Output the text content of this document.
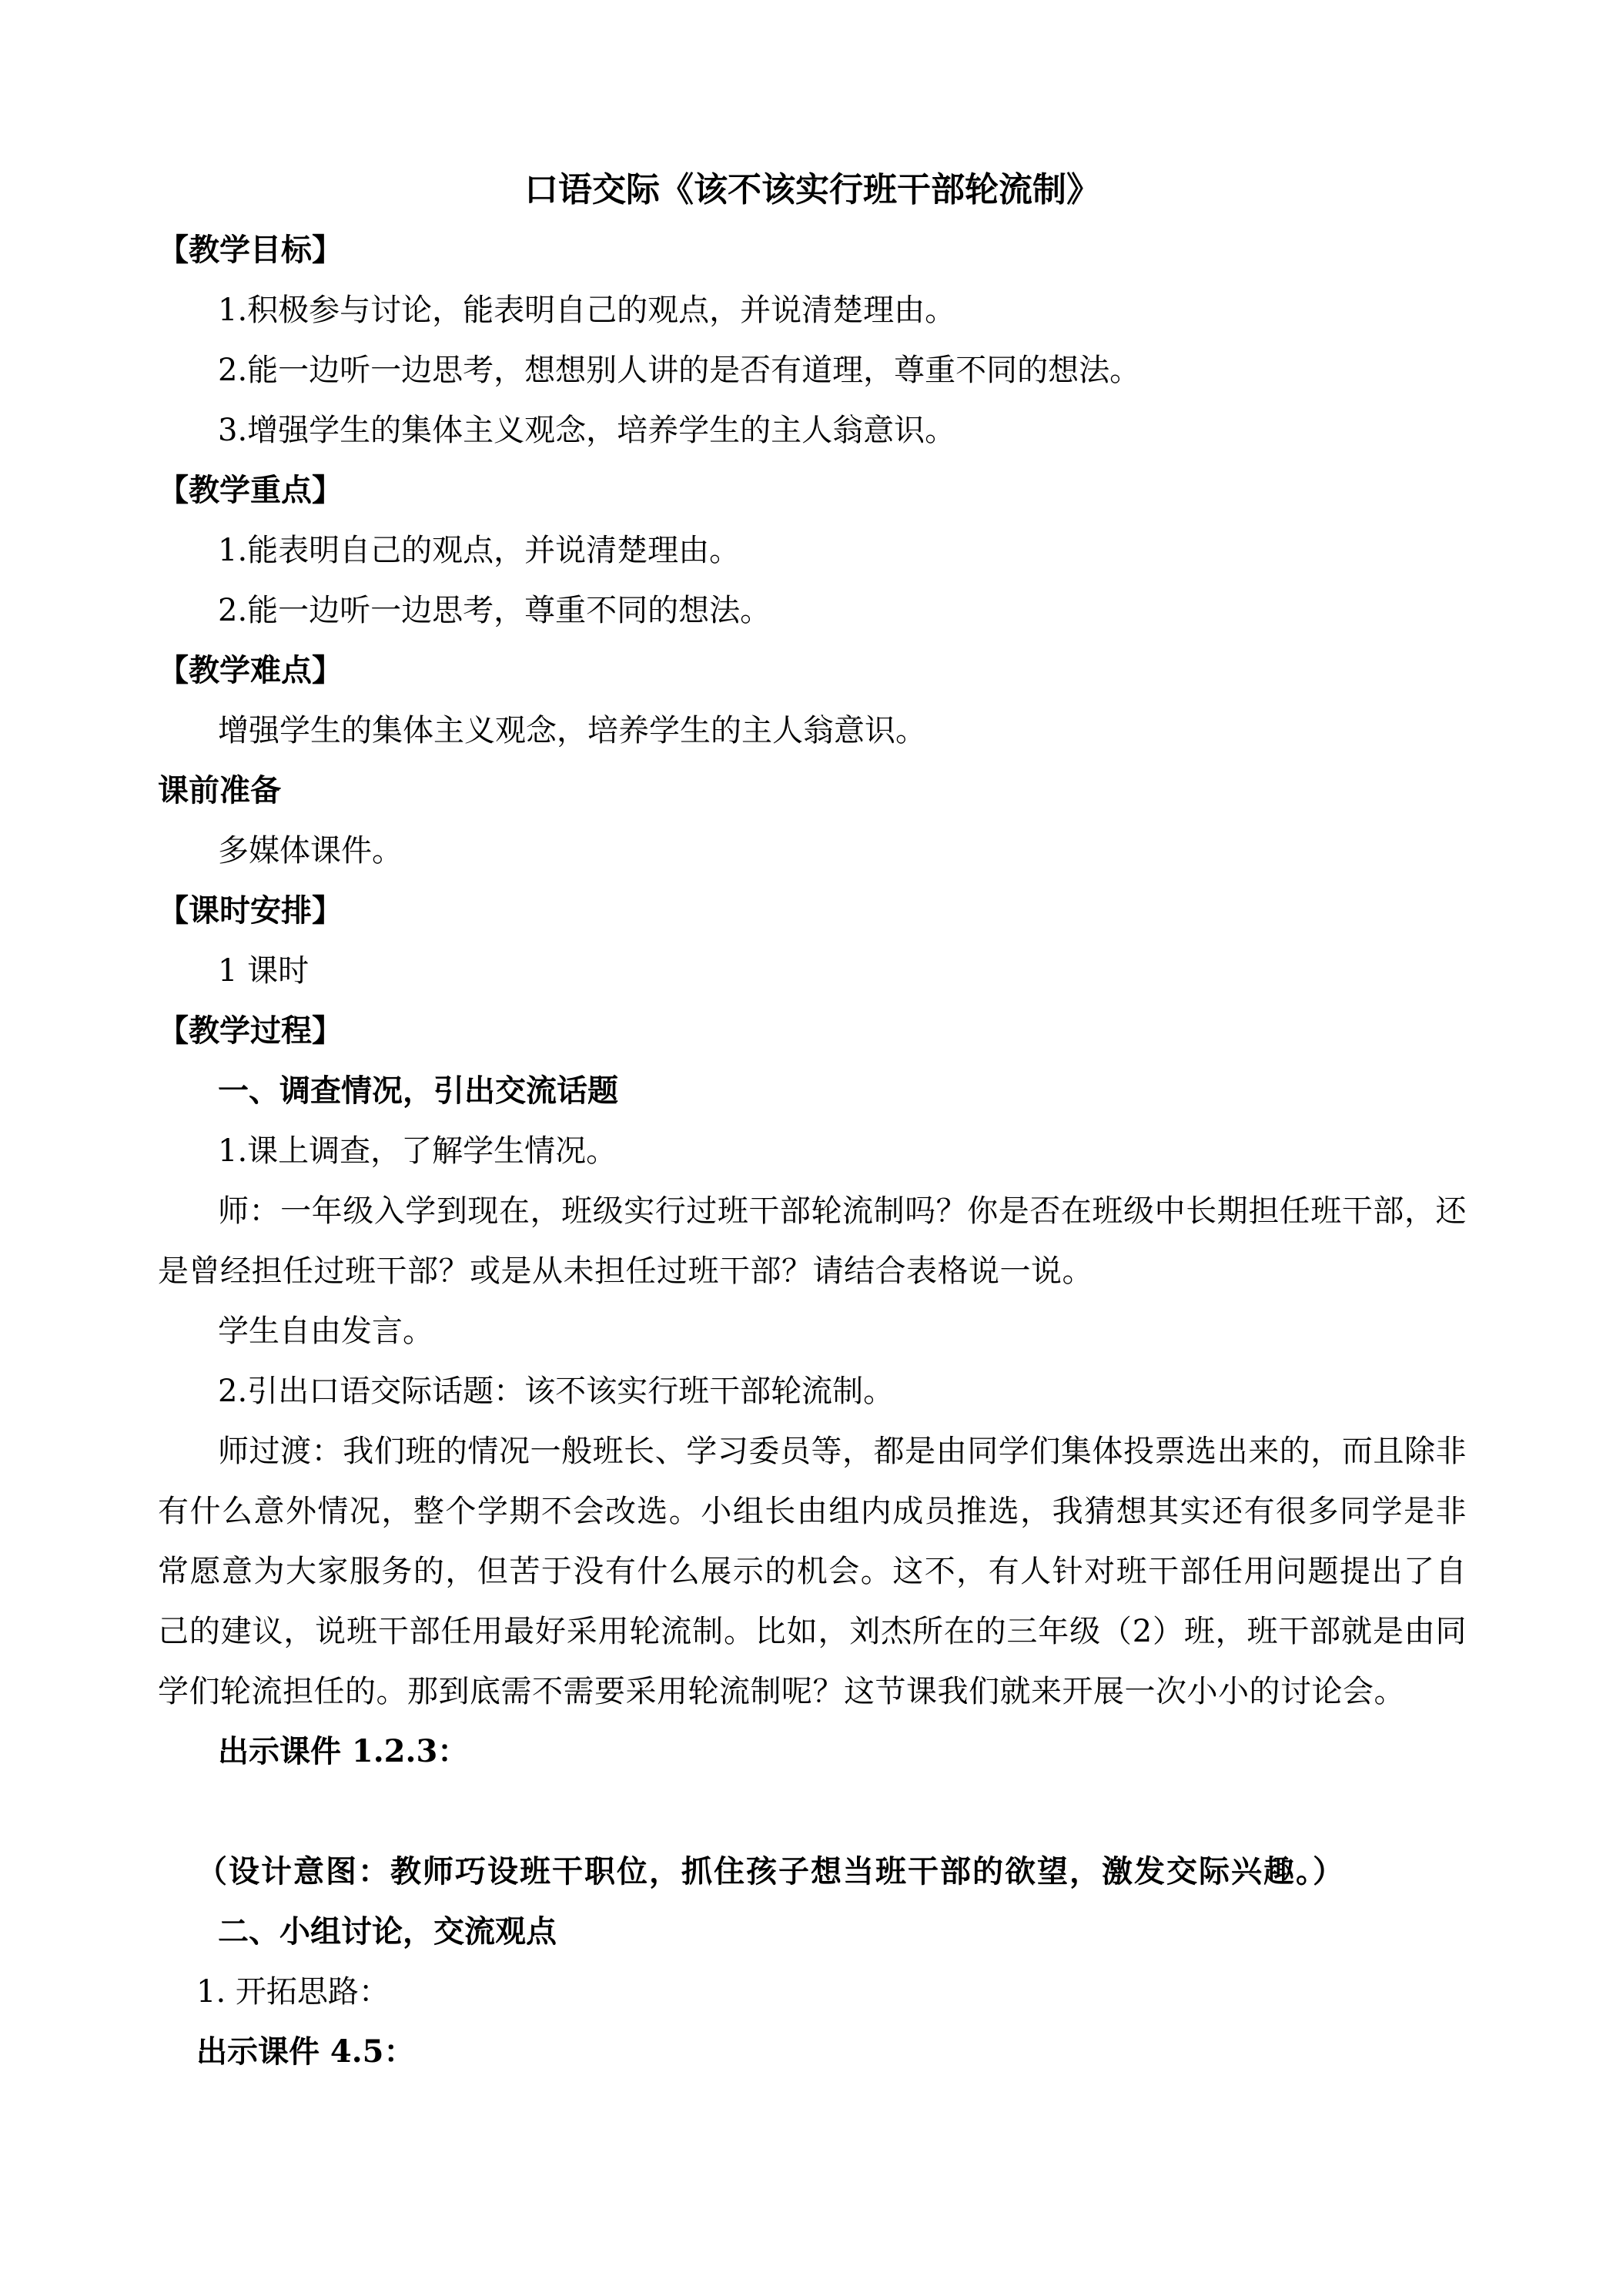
口语交际《该不该实行班干部轮流制》

【教学目标】

1.积极参与讨论，能表明自己的观点，并说清楚理由。

2.能一边听一边思考，想想别人讲的是否有道理，尊重不同的想法。

3.增强学生的集体主义观念，培养学生的主人翁意识。

【教学重点】

1.能表明自己的观点，并说清楚理由。

2.能一边听一边思考，尊重不同的想法。

【教学难点】

增强学生的集体主义观念，培养学生的主人翁意识。

课前准备

多媒体课件。

【课时安排】

1 课时

【教学过程】

一、调查情况，引出交流话题

1.课上调查，了解学生情况。

师：一年级入学到现在，班级实行过班干部轮流制吗？你是否在班级中长期担任班干部，还是曾经担任过班干部？或是从未担任过班干部？请结合表格说一说。

学生自由发言。

2.引出口语交际话题：该不该实行班干部轮流制。

师过渡：我们班的情况一般班长、学习委员等，都是由同学们集体投票选出来的，而且除非有什么意外情况，整个学期不会改选。小组长由组内成员推选，我猜想其实还有很多同学是非常愿意为大家服务的，但苦于没有什么展示的机会。这不，有人针对班干部任用问题提出了自己的建议，说班干部任用最好采用轮流制。比如，刘杰所在的三年级（2）班，班干部就是由同学们轮流担任的。那到底需不需要采用轮流制呢？这节课我们就来开展一次小小的讨论会。

出示课件 1.2.3：

（设计意图：教师巧设班干职位，抓住孩子想当班干部的欲望，激发交际兴趣。）

二、小组讨论，交流观点

1. 开拓思路：

出示课件 4.5：
